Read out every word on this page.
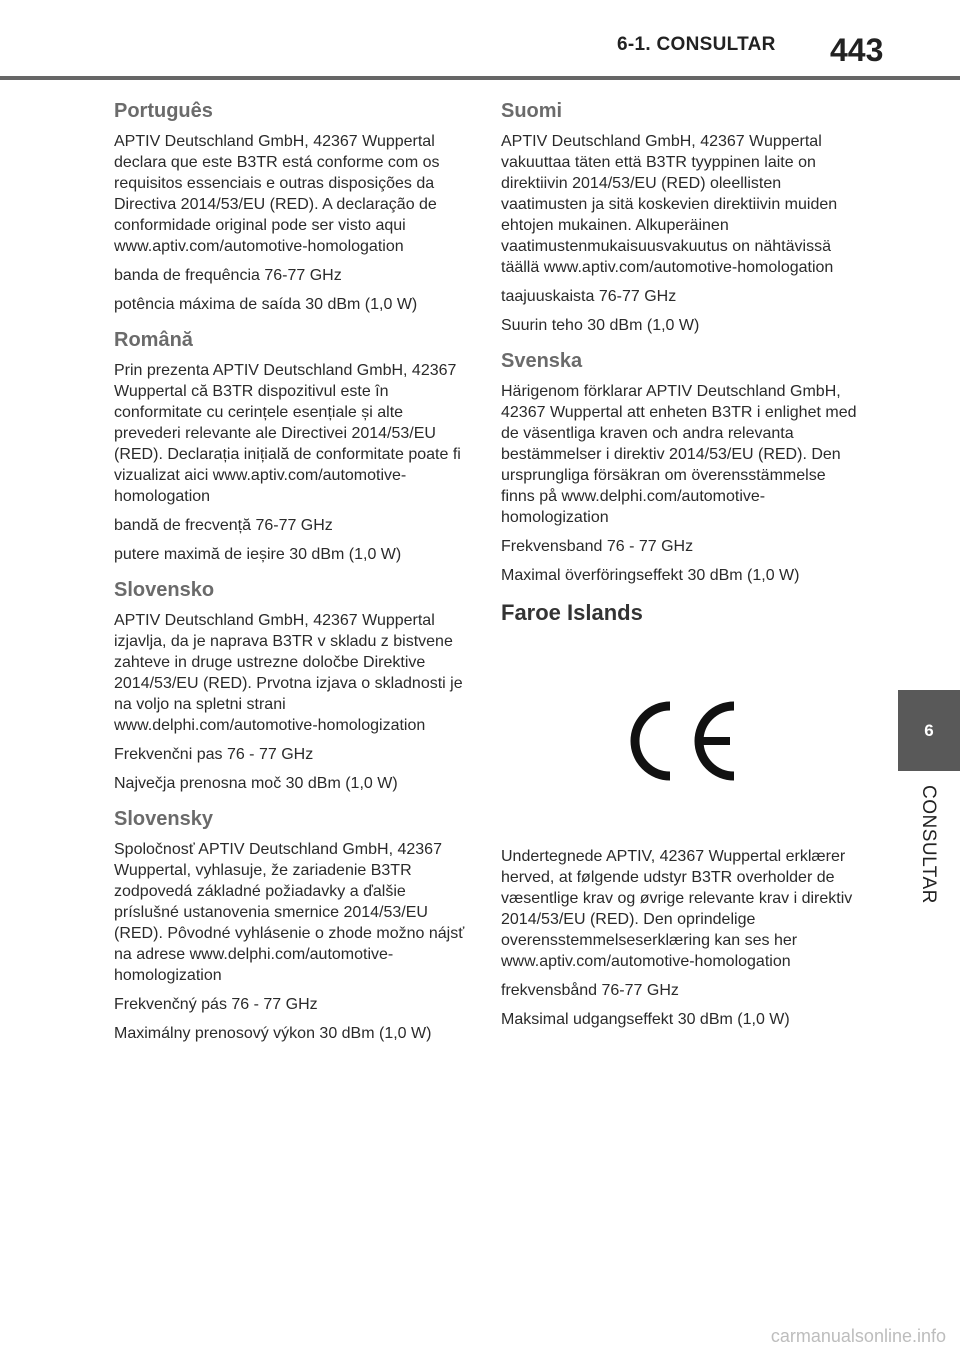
6-1. CONSULTAR 443
Português

APTIV Deutschland GmbH, 42367 Wuppertal declara que este B3TR está conforme com os requisitos essenciais e outras disposições da Directiva 2014/53/EU (RED). A declaração de conformidade original pode ser visto aqui www.aptiv.com/automotive-homologation

banda de frequência 76-77 GHz

potência máxima de saída 30 dBm (1,0 W)

Română

Prin prezenta APTIV Deutschland GmbH, 42367 Wuppertal că B3TR dispozitivul este în conformitate cu cerințele esențiale și alte prevederi relevante ale Directivei 2014/53/EU (RED). Declarația inițială de conformitate poate fi vizualizat aici www.aptiv.com/automotive-homologation

bandă de frecvență 76-77 GHz

putere maximă de ieșire 30 dBm (1,0 W)

Slovensko

APTIV Deutschland GmbH, 42367 Wuppertal izjavlja, da je naprava B3TR v skladu z bistvene zahteve in druge ustrezne določbe Direktive 2014/53/EU (RED). Prvotna izjava o skladnosti je na voljo na spletni strani www.delphi.com/automotive-homologization

Frekvenčni pas 76 - 77 GHz

Največja prenosna moč 30 dBm (1,0 W)

Slovensky

Spoločnosť APTIV Deutschland GmbH, 42367 Wuppertal, vyhlasuje, že zariadenie B3TR zodpovedá základné požiadavky a ďalšie príslušné ustanovenia smernice 2014/53/EU (RED). Pôvodné vyhlásenie o zhode možno nájsť na adrese www.delphi.com/automotive-homologization

Frekvenčný pás 76 - 77 GHz

Maximálny prenosový výkon 30 dBm (1,0 W)

Suomi

APTIV Deutschland GmbH, 42367 Wuppertal vakuuttaa täten että B3TR tyyppinen laite on direktiivin 2014/53/EU (RED) oleellisten vaatimusten ja sitä koskevien direktiivin muiden ehtojen mukainen. Alkuperäinen vaatimustenmukaisuusvakuutus on nähtävissä täällä www.aptiv.com/automotive-homologation

taajuuskaista 76-77 GHz

Suurin teho 30 dBm (1,0 W)

Svenska

Härigenom förklarar APTIV Deutschland GmbH, 42367 Wuppertal att enheten B3TR i enlighet med de väsentliga kraven och andra relevanta bestämmelser i direktiv 2014/53/EU (RED). Den ursprungliga försäkran om överensstämmelse finns på www.delphi.com/automotive-homologization

Frekvensband 76 - 77 GHz

Maximal överföringseffekt 30 dBm (1,0 W)

Faroe Islands

Undertegnede APTIV, 42367 Wuppertal erklærer herved, at følgende udstyr B3TR overholder de væsentlige krav og øvrige relevante krav i direktiv 2014/53/EU (RED). Den oprindelige overensstemmelseserklæring kan ses her www.aptiv.com/automotive-homologation

frekvensbånd 76-77 GHz

Maksimal udgangseffekt 30 dBm (1,0 W)

6
CONSULTAR
carmanualsonline.info
